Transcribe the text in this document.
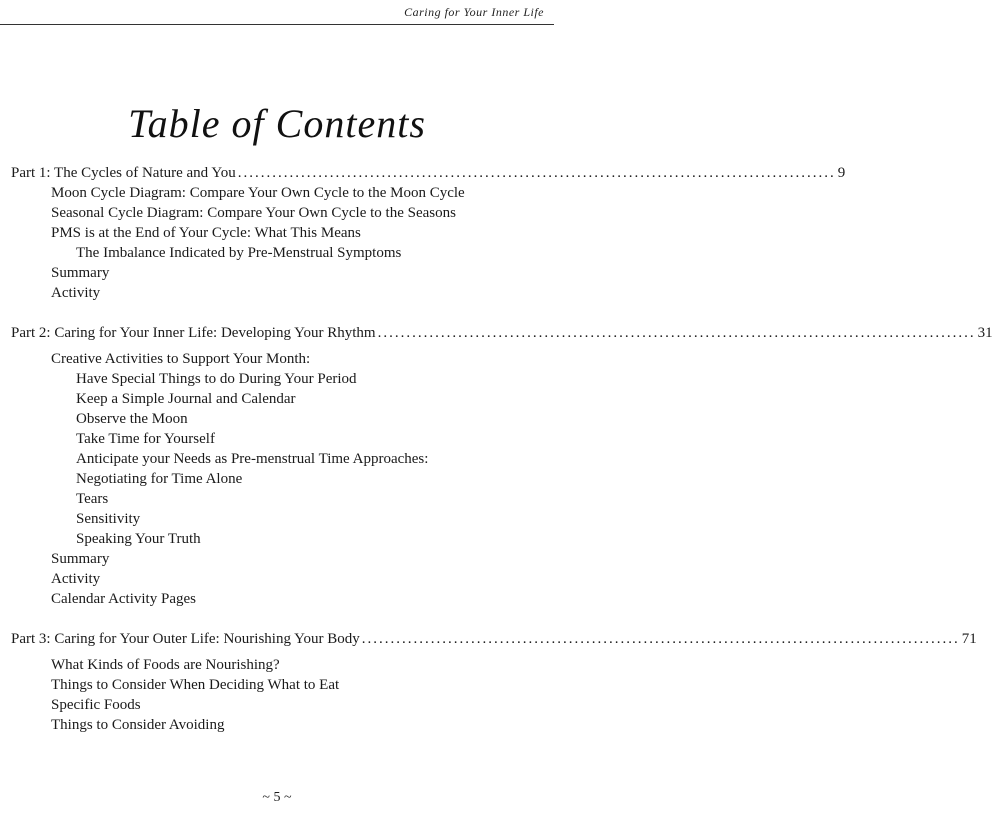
Caring for Your Inner Life
Table of Contents
Part 1: The Cycles of Nature and You ........................................................................................................ 9
Moon Cycle Diagram: Compare Your Own Cycle to the Moon Cycle
Seasonal Cycle Diagram: Compare Your Own Cycle to the Seasons
PMS is at the End of Your Cycle: What This Means
The Imbalance Indicated by Pre-Menstrual Symptoms
Summary
Activity
Part 2: Caring for Your Inner Life: Developing Your Rhythm ........................................................................................................ 31
Creative Activities to Support Your Month:
Have Special Things to do During Your Period
Keep a Simple Journal and Calendar
Observe the Moon
Take Time for Yourself
Anticipate your Needs as Pre-menstrual Time Approaches:
Negotiating for Time Alone
Tears
Sensitivity
Speaking Your Truth
Summary
Activity
Calendar Activity Pages
Part 3: Caring for Your Outer Life: Nourishing Your Body ........................................................................................................ 71
What Kinds of Foods are Nourishing?
Things to Consider When Deciding What to Eat
Specific Foods
Things to Consider Avoiding
~ 5 ~
